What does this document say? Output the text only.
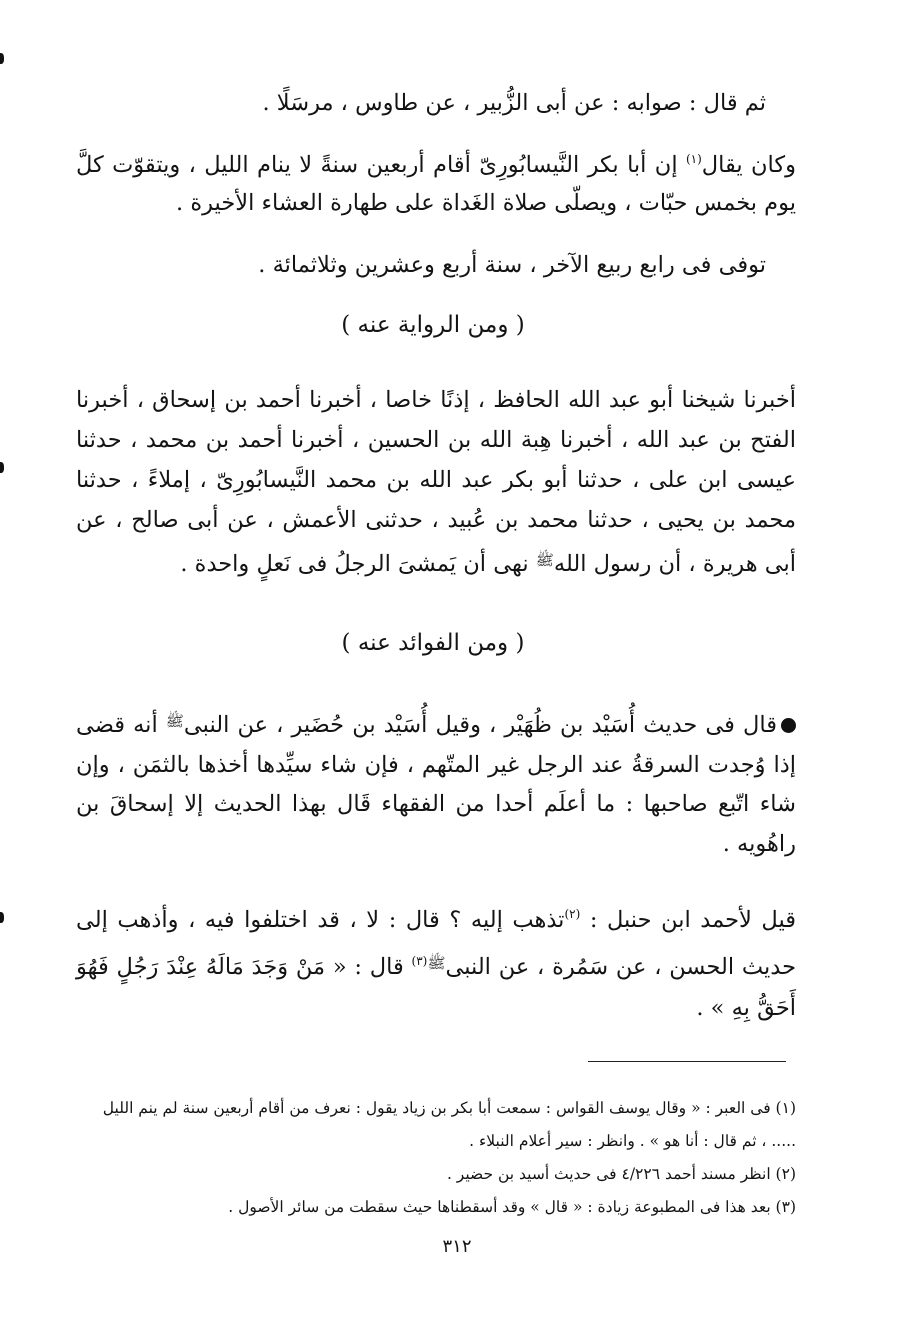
ثم قال : صوابه : عن أبى الزُّبير ، عن طاوس ، مرسَلًا .
وكان يقال$^{(١)}$ إن أبا بكر النَّيسابُورِىّ أقام أربعين سنةً لا ينام الليل ، ويتقوّت كلَّ يوم بخمس حبّات ، ويصلّى صلاة الغَداة على طهارة العشاء الأخيرة .
توفى فى رابع ربيع الآخر ، سنة أربع وعشرين وثلاثمائة .
( ومن الرواية عنه )
أخبرنا شيخنا أبو عبد الله الحافظ ، إذنًا خاصا ، أخبرنا أحمد بن إسحاق ، أخبرنا الفتح بن عبد الله ، أخبرنا هِبة الله بن الحسين ، أخبرنا أحمد بن محمد ، حدثنا عيسى ابن على ، حدثنا أبو بكر عبد الله بن محمد النَّيسابُورِىّ ، إملاءً ، حدثنا محمد بن يحيى ، حدثنا محمد بن عُبيد ، حدثنى الأعمش ، عن أبى صالح ، عن أبى هريرة ، أن رسول الله$^ﷺ$ نهى أن يَمشىَ الرجلُ فى نَعلٍ واحدة .
( ومن الفوائد عنه )
قال فى حديث أُسَيْد بن ظُهَيْر ، وقيل أُسَيْد بن حُضَير ، عن النبى$^ﷺ$ أنه قضى إذا وُجدت السرقةُ عند الرجل غير المتّهم ، فإن شاء سيِّدها أخذها بالثمَن ، وإن شاء اتّبع صاحبها : ما أعلَم أحدا من الفقهاء قَال بهذا الحديث إلا إسحاقَ بن راهُويه .
قيل لأحمد ابن حنبل : $^{(٢)}$تذهب إليه ؟ قال : لا ، قد اختلفوا فيه ، وأذهب إلى حديث الحسن ، عن سَمُرة ، عن النبى$^{ﷺ(٣)}$ قال : « مَنْ وَجَدَ مَالَهُ عِنْدَ رَجُلٍ فَهُوَ أَحَقُّ بِهِ » .

(١) فى العبر : « وقال يوسف القواس : سمعت أبا بكر بن زياد يقول : نعرف من أقام أربعين سنة لم ينم الليل ..... ، ثم قال : أنا هو » . وانظر : سير أعلام النبلاء .

(٢) انظر مسند أحمد ٤/٢٢٦ فى حديث أسيد بن حضير .

(٣) بعد هذا فى المطبوعة زيادة : « قال » وقد أسقطناها حيث سقطت من سائر الأصول .

٣١٢
